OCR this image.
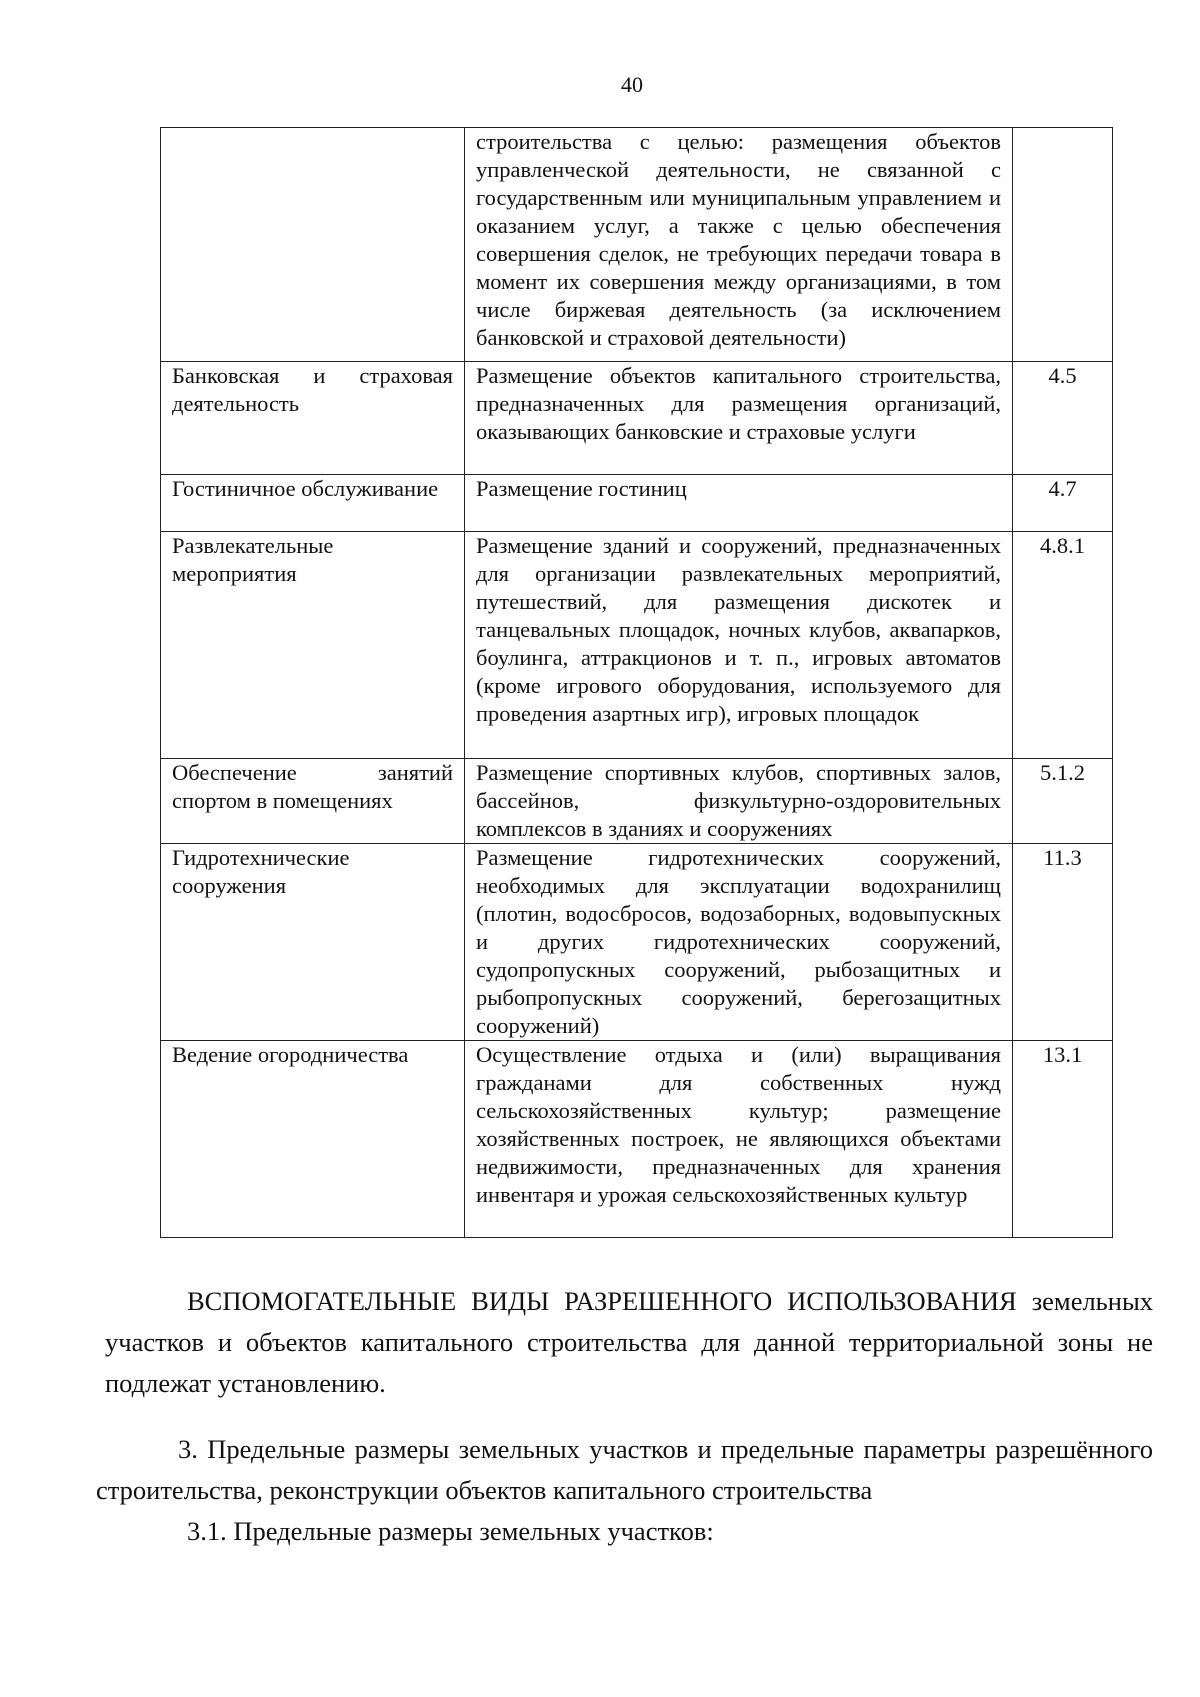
40
	строительства с целью: размещения объектов управленческой деятельности, не связанной с государственным или муниципальным управлением и оказанием услуг, а также с целью обеспечения совершения сделок, не требующих передачи товара в момент их совершения между организациями, в том числе биржевая деятельность (за исключением банковской и страховой деятельности)	
Банковская и страховая деятельность	Размещение объектов капитального строительства, предназначенных для размещения организаций, оказывающих банковские и страховые услуги	4.5
Гостиничное обслуживание	Размещение гостиниц	4.7
Развлекательные мероприятия	Размещение зданий и сооружений, предназначенных для организации развлекательных мероприятий, путешествий, для размещения дискотек и танцевальных площадок, ночных клубов, аквапарков, боулинга, аттракционов и т. п., игровых автоматов (кроме игрового оборудования, используемого для проведения азартных игр), игровых площадок	4.8.1
Обеспечение занятий спортом в помещениях	Размещение спортивных клубов, спортивных залов, бассейнов, физкультурно-оздоровительных комплексов в зданиях и сооружениях	5.1.2
Гидротехнические сооружения	Размещение гидротехнических сооружений, необходимых для эксплуатации водохранилищ (плотин, водосбросов, водозаборных, водовыпускных и других гидротехнических сооружений, судопропускных сооружений, рыбозащитных и рыбопропускных сооружений, берегозащитных сооружений)	11.3
Ведение огородничества	Осуществление отдыха и (или) выращивания гражданами для собственных нужд сельскохозяйственных культур; размещение хозяйственных построек, не являющихся объектами недвижимости, предназначенных для хранения инвентаря и урожая сельскохозяйственных культур	13.1

ВСПОМОГАТЕЛЬНЫЕ ВИДЫ РАЗРЕШЕННОГО ИСПОЛЬЗОВАНИЯ земельных участков и объектов капитального строительства для данной территориальной зоны не подлежат установлению.

3. Предельные размеры земельных участков и предельные параметры разрешённого строительства, реконструкции объектов капитального строительства

3.1. Предельные размеры земельных участков:
